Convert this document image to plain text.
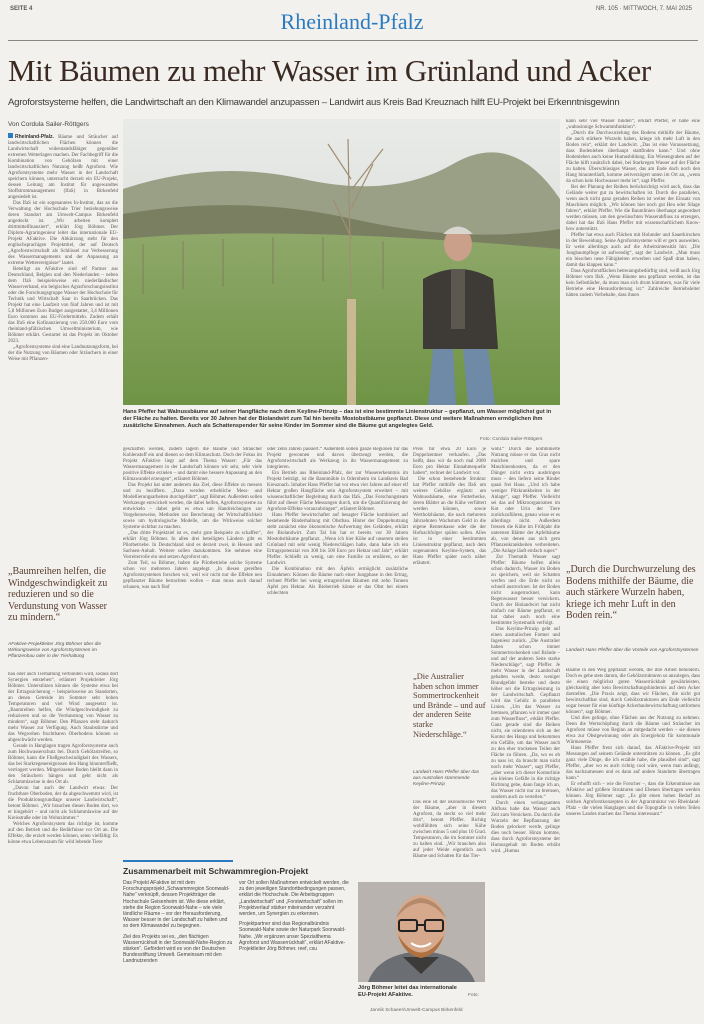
SEITE 4	NR. 105 · MITTWOCH, 7. MAI 2025
Rheinland-Pfalz
Mit Bäumen zu mehr Wasser im Grünland und Acker
Agroforstsysteme helfen, die Landwirtschaft an den Klimawandel anzupassen – Landwirt aus Kreis Bad Kreuznach hilft EU-Projekt bei Erkenntnisgewinn
Von Cordula Sailer-Röttgers

Rheinland-Pfalz. Bäume und Sträucher auf landwirtschaftlichen Flächen können die Landwirtschaft widerstandsfähiger gegenüber extremen Wetterlagen machen. Der Fachbegriff für die Kombination von Gehölzen mit einer landwirtschaftlichen Nutzung heißt Agroforst. Wie Agroforstsysteme mehr Wasser in der Landschaft speichern können, untersucht derzeit ein EU-Projekt, dessen Leitung am Institut für angewandtes Stoffstrommanagement (IfaS) in Birkenfeld angesiedelt ist.

Das IfaS ist ein sogenanntes In-Institut, das an die Verwaltung der Hochschule Trier beziehungsweise deren Standort am Umwelt-Campus Birkenfeld angedockt ist. „Wir arbeiten komplett drittmittelfinanziert“, erklärt Jörg Böhmer. Der Diplom-Agraringenieur leitet das internationale EU-Projekt AFaktive. Die Abkürzung steht für den englischsprachigen Projekttitel, der auf Deutsch „Agroforstwirtschaft als Schlüssel zur Verbesserung des Wassermanagements und der Anpassung an extreme Wetterereignisse“ lautet.

Beteiligt an AFaktive sind elf Partner aus Deutschland, Belgien und den Niederlanden – neben dem IfaS beispielsweise ein niederländischer Wasserverband, ein belgisches Agrarforschungsinstitut oder die Forschungsgruppe Wasser der Hochschule für Technik und Wirtschaft Saar in Saarbrücken. Das Projekt hat eine Laufzeit von fünf Jahren und ist mit 5,8 Millionen Euro Budget ausgestattet, 3,4 Millionen Euro kommen aus EU-Fördermitteln. Zudem erhält das IfaS eine Kofinanzierung von 250.000 Euro vom rheinland-pfälzischen Umweltministerium, wie Böhmer erklärt. Gestartet ist das Projekt im Oktober 2023.

„Agroforstsysteme sind eine Landnutzungsform, bei der die Nutzung von Bäumen oder Sträuchern in einer Weise mit Pflanzen-

„Baumreihen helfen, die Windgeschwindigkeit zu reduzieren und so die Verdunstung von Wasser zu mindern.“
AFaktive-Projektleiter Jörg Böhmer über die Wirkungsweise von Agroforstsystemen im Pflanzenbau oder in der Tierhaltung

bau oder auch Tierhaltung verbunden wird, sodass dort Synergien entstehen“, erläutert Projektleiter Jörg Böhmer. Unterstützen können die Systeme etwa bei der Ertragssicherung – beispielsweise an Standorten, an denen Getreide im Sommer sehr hohen Temperaturen und viel Wind ausgesetzt ist. „Baumreihen helfen, die Windgeschwindigkeit zu reduzieren und so die Verdunstung von Wasser zu mindern“, sagt Böhmer. Den Pflanzen steht dadurch mehr Wasser zur Verfügung. Auch Staubstürme und das Wegwehen fruchtbaren Oberbodens können so abgeschwächt werden.

Gerade in Hanglagen tragen Agroforstsysteme auch zum Hochwasserschutz bei. Durch Gehölzstreifen, so Böhmer, kann die Fließgeschwindigkeit des Wassers, das bei Starkregenereignissen den Hang hinunterfließt, verringert werden. Mitgerissener Boden bleibt dann in den Sträuchern hängen und geht nicht als Schlammlawine in den Ort ab.

„Davon hat auch der Landwirt etwas: Der fruchtbare Oberboden, der da abgeschwemmt wird, ist die Produktionsgrundlage unserer Landwirtschaft“, betont Böhmer. „Wir brauchen diesen Boden dort, wo er hingehört – und nicht als Schlammlawine auf der Kreisstraße oder im Wohnzimmer.“

Welches Agroforstsystem das richtige ist, komme auf den Betrieb und die Bedürfnisse vor Ort an. Die Effekte, die erzielt werden können, seien vielfältig: Es könne etwa Lebensraum für wild lebende Tiere

Hans Pfeffer hat Walnussbäume auf seiner Hangfläche nach dem Keyline-Prinzip – das ist eine bestimmte Linienstruktur – gepflanzt, um Wasser möglichst gut in der Fläche zu halten. Bereits vor 30 Jahren hat der Biolandwirt zum Tal hin bereits Mostobstbäume gepflanzt. Diese und weitere Maßnahmen ermöglichen ihm zusätzliche Einnahmen. Auch als Schattenspender für seine Kinder im Sommer sind die Bäume gut angelegtes Geld.
Foto: Cordula Sailer-Röttgers

geschaffen werden, zudem lagern die Bäume und Sträucher Kohlenstoff ein und dienen so dem Klimaschutz. Doch der Fokus im Projekt AFaktive liegt auf dem Thema Wasser: „Für das Wassermanagement in der Landschaft können wir sehr, sehr viele positive Effekte erzielen – und damit eine bessere Anpassung an den Klimawandel erzeugen“, erläutert Böhmer.

Das Projekt hat unter anderem das Ziel, diese Effekte zu messen und zu beziffern. „Dazu werden erhebliche Mess- und Modellierungsarbeiten durchgeführt“, sagt Böhmer. Außerdem sollen Werkzeuge entwickelt werden, die dabei helfen, Agroforstsysteme zu entwickeln – dabei geht es etwa um Handreichungen zur Vorgehensweise, Methoden zur Berechnung der Wirtschaftlichkeit sowie um hydrologische Modelle, um die Wirkweise solcher Systeme sichtbar zu machen.

„Das dritte Projektziel ist es, mehr gute Beispiele zu schaffen“, erklärt Jörg Böhmer. In allen drei beteiligten Ländern gibt es Pilotbetriebe. In Deutschland sind es derzeit zwei, in Hessen und Sachsen-Anhalt. Weitere sollen dazukommen. Sie nehmen eine Vorreiterrolle ein und setzen Agroforst um.

Zum Teil, so Böhmer, haben die Pilotbetriebe solche Systeme schon vor mehreren Jahren angelegt. „In diesen gereiften Agroforstsystemen forschen wir, weil wir nicht nur die Effekte neu gepflanzter Bäume betrachten wollen – man muss auch darauf schauen, was nach fünf

oder zehn Jahren passiert.“ Außerdem sollen ganze Regionen für das Projekt gewonnen und davon überzeugt werden, die Agroforstwirtschaft als Werkzeug in ihr Wassermanagement zu integrieren.

Ein Betrieb aus Rheinland-Pfalz, der zur Wassererkenntnis im Projekt beiträgt, ist die Bannmühle in Odernheim im Landkreis Bad Kreuznach. Inhaber Hans Pfeffer hat vor etwa vier Jahren auf einer elf Hektar großen Hangfläche sein Agroforstsystem erweitert – mit wissenschaftlicher Begleitung durch das IfaS. „Das Forschungsteam führt auf dieser Fläche Messungen durch, um die Quantifizierung der Agroforst-Effekte voranzubringen“, erläutert Böhmer.

Hans Pfeffer bewirtschaftet auf besagter Fläche kombiniert auf bestehende Rinderhaltung mit Obstbau. Hinter der Doppelnutzung steht zunächst eine ökonomische Aufwertung des Geländes, erklärt der Biolandwirt. Zum Tal hin hat er bereits vor 30 Jahren Mostobstbäume gepflanzt. „Wenn ich hier Kühe auf unserem steilen Grünland mit sehr wenig Niederschlägen halte, dann habe ich ein Ertragspotenzial von 300 bis 500 Euro pro Hektar und Jahr“, erklärt Pfeffer. Schließt zu wenig, um eine Familie zu ernähren, so der Landwirt.

Die Kombination mit den Äpfeln ermöglicht zusätzliche Einnahmen: Können die Bäume nach einer Jungphase in den Ertrag, rechnet Pfeffer bei wenig ertragreichen Bäumen mit zehn Tonnen Äpfel pro Hektar. Als Biobetrieb könne er das Obst bei einem schlechten

Preis für etwa 20 Euro je Doppelzentner verkaufen. „Das heißt, dass wir da noch mal 2000 Euro pro Hektar Einnahmequelle haben“, rechnet der Landwirt vor.

Die schon bestehende Struktur hat Pfeffer mithilfe des IfaS um weitere Gehölze ergänzt: um Walnussbäume, eine Futterhecke, deren Blätter an die Kühe verfüttert werden können, sowie Wertholzbäume, die nach mehreren Jahrzehnten Wachstum Geld in die eigene Rentenkasse oder die der Hofnachfolger spülen sollen. Alles ist in einer bestimmten Linienstruktur gepflanzt, nach dem sogenannten Keyline-System, das Hans Pfeffer später noch näher erläutert.

„Die Australier haben schon immer Sommertrockenheit und Brände – und auf der anderen Seite starke Niederschläge.“
Landwirt Hans Pfeffer über das aus Australien stammende Keyline-Prinzip

Das eine ist der ökonomische Wert der Bäume, „aber in diesem Agroforst, da steckt so viel mehr drin“, betont Pfeffer. Richtig wohlfühlten sich seine Kühe zwischen minus 5 und plus 10 Grad. Temperaturen, die im Sommer nicht zu halten sind. „Wir brauchen also auf jeder Weide eigentlich auch Bäume und Schatten für das Tier-

wohl.“ Durch die kombinierte Nutzung müsse er das Gras nicht mulchen und spare Maschinenkosten, da er den Dünger nicht extra ausbringen muss – den liefern seine Rinder quasi frei Haus. „Und ich habe weniger Pilzkrankheiten in der Anlage“, sagt Pfeffer. Vielleicht sei das auf Mikroorganismen im Kot oder Urin der Tiere zurückzuführen, genau wisse er es allerdings nicht. Außerdem fressen die Kühe im Frühjahr die untersten Blätter der Apfelbäume ab, von denen aus sich gern Pflanzenkrankheiten verbreiteten. „Die Anlage läuft einfach super.“

Zur Thematik Wasser sagt Pfeffer: Bäume helfen allein schon dadurch, Wasser im Boden zu speichern, weil sie Schatten werfen und die Erde nicht so schnell austrocknet. Ist der Boden nicht ausgetrocknet, kann Regenwasser besser versickern. Durch der Biolandwirt hat nicht einfach nur Bäume gepflanzt, er hat dabei auch noch eine bestimmte Systematik verfolgt.

Das Keyline-Prinzip geht auf einen australischen Farmer und Ingenieur zurück. „Die Australier haben schon immer Sommertrockenheit und Brände – und auf der anderen Seite starke Niederschläge“, sagt Pfeffer. Je mehr Wasser in der Landschaft gehalten werde, desto weniger Brandgefahr bestehe und desto höher sei die Ertragsleistung in der Landwirtschaft. Gepflanzt wird das Gehölz in parallelen Linien. „Um das Wasser zu bremsen, pflanzen wir immer quer zum Wasserfluss“, erklärt Pfeffer. Ganz gerade sind die Reihen nicht, sie orientieren sich an der Kontur des Hangs und bekommen ein Gefälle, um das Wasser auch zu den eher trockenen Teilen der Fläche zu führen. „Da, wo es eh zu nass ist, da braucht man nicht noch mehr Wasser“, sagt Pfeffer, „aber wenn ich dieser Konturlinie ein kleines Gefälle in die richtige Richtung gebe, dann fange ich an, das Wasser nicht nur zu bremsen, sondern auch zu verteilen.“

Durch einen verlangsamten Abfluss habe das Wasser auch Zeit zum Versickern. Da durch die Wurzeln der Bepflanzung der Boden gelockert werde, gelinge dies noch besser. Hinzu komme, dass durch Agroforstsysteme der Humusgehalt im Boden erhöht wird. „Humus

kann sehr viel Wasser binden“, erklärt Pfeffer, er habe eine „wahnsinnige Schwammfunktion“.

„Durch die Durchwurzelung des Bodens mithilfe der Bäume, die auch stärkere Wurzeln haben, kriege ich mehr Luft in den Boden rein“, erklärt der Landwirt. „Das ist eine Voraussetzung, dass Bodenleben überhaupt stattfinden kann.“ Und ohne Bodenleben auch keine Humusbildung. Ein Wiesengraben auf der Fläche hilft zusätzlich dabei, bei Starkregen Wasser auf der Fläche zu halten. Überschüssiges Wasser, das am Ende doch noch den Hang hinunterläuft, komme zeitverzögert unten im Ort an, „wenn da schon kein Hochwasser mehr ist“, sagt Pfeffer.

Bei der Planung der Reihen berücksichtigt wird auch, dass das Gelände weiter gut zu bewirtschaften ist. Durch die parallelen, wenn auch nicht ganz geraden Reihen ist weiter der Einsatz von Maschinen möglich. „Wir können hier noch gut Heu oder Silage fahren“, erklärt Pfeffer. Wie die Baumlinien überhaupt angeordnet werden müssen, um den gewünschten Wasserabfluss zu erzeugen, dabei hat das IfaS Hans Pfeffer mit wissenschaftlichem Know-how unterstützt.

Pfeffer hat etwa auch Flächen mit Holunder und Sauerkirschen in der Beweidung. Seine Agroforstsysteme will er gern ausweiten. Er weist allerdings auch auf die Arbeitsintensität hin: „Die Jungbaumpflege ist aufwendig“, sagt der Landwirt. „Man muss ein bisschen neue Fähigkeiten erwerben und Spaß dran haben, damit das klappen kann.“

Dass Agroforstflächen betreuungsbedürftig sind, weiß auch Jörg Böhmer vom IfaS. „Wenn Bäume neu gepflanzt werden, ist das kein Selbstläufer, da muss man sich drum kümmern, was für viele Betriebe eine Herausforderung ist.“ Zahlreiche Betriebsleiter hätten zudem Vorbehalte, dass ihnen

„Durch die Durchwurzelung des Bodens mithilfe der Bäume, die auch stärkere Wurzeln haben, kriege ich mehr Luft in den Boden rein.“
Landwirt Hans Pfeffer über die Vorteile von Agroforstsystemen

Bäume in den Weg gepflanzt werden, die ihre Arbeit behindern. Doch es gehe stets darum, die Gehölzstrukturen so anzulegen, dass sie einen möglichst guten Wasserrückhalt gewährleisten, gleichzeitig aber kein Bewirtschaftungshindernis auf dem Acker darstellen. „Die Praxis zeigt, dass wir Flächen, die nicht gut bewirtschaftbar sind, durch Gehölzstrukturen am Ende vielleicht sogar besser für eine künftige Ackerbaubewirtschaftung umformen können“, sagt Böhmer.

Und dies gelinge, ohne Flächen aus der Nutzung zu nehmen. Denn die Wertschöpfung durch die Bäume und Sträucher im Agroforst müsse von Beginn an mitgedacht werden – sie dienen etwa zur Obstgewinnung oder als Energieholz für kommunale Wärmenetze.

Hans Pfeffer freut sich darauf, das AFaktive-Projekt mit Messungen auf seinem Gelände unterstützen zu können. „Es gibt ganz viele Dinge, die ich erzähle habe, die plausibel sind“, sagt Pfeffer, „aber wo es auch richtig cool wäre, wenn man anfängt, das nachzumessen und es dann auf andere Standorte übertragen kann.“

Er erhofft sich – wie die Forscher –, dass die Erkenntnisse aus AFaktive auf größere Strukturen und Ebenen übertragen werden können. Jörg Böhmer sagt: „Es gibt einen hohen Bedarf an solchen Agroforstkonzepten in der Agrarstruktur von Rheinland-Pfalz – die vielen Hanglagen und die Topografie in vielen Teilen unseres Landes machen das Thema interessant.“

Zusammenarbeit mit Schwammregion-Projekt

Das Projekt AFaktive ist mit dem Forschungsprojekt „Schwammregion Soonwald-Nahe“ verknüpft, dessen Projektträger die Hochschule Geisenheim ist. Wie diese erklärt, stehe die Region Soonwald-Nahe – wie viele ländliche Räume – vor der Herausforderung, Wasser besser in der Landschaft zu halten und so dem Klimawandel zu begegnen.

Ziel des Projekts sei es, „den flächigen Wasserrückhalt in der Soonwald-Nahe-Region zu stärken“. Gefördert wird es von der Deutschen Bundesstiftung Umwelt. Gemeinsam mit den Landnutzenden

vor Ort sollen Maßnahmen entwickelt werden, die zu den jeweiligen Standortbedingungen passen, erklärt die Hochschule. Die Arbeitsgruppen „Landwirtschaft“ und „Forstwirtschaft“ sollen im Projektverlauf stärker miteinander verzahnt werden, um Synergien zu erkennen.

Projektpartner sind das Regionalbündnis Soonwald-Nahe sowie der Naturpark Soonwald-Nahe. „Wir ergänzen unser Spezialthema Agroforst und Wasserrückhalt“, erklärt AFaktive-Projektleiter Jörg Böhmer. reef, csu

Jörg Böhmer leitet das internationale EU-Projekt AFaktive.	Foto:
Jannik Schaeer/Umwelt-Campus Birkenfeld
